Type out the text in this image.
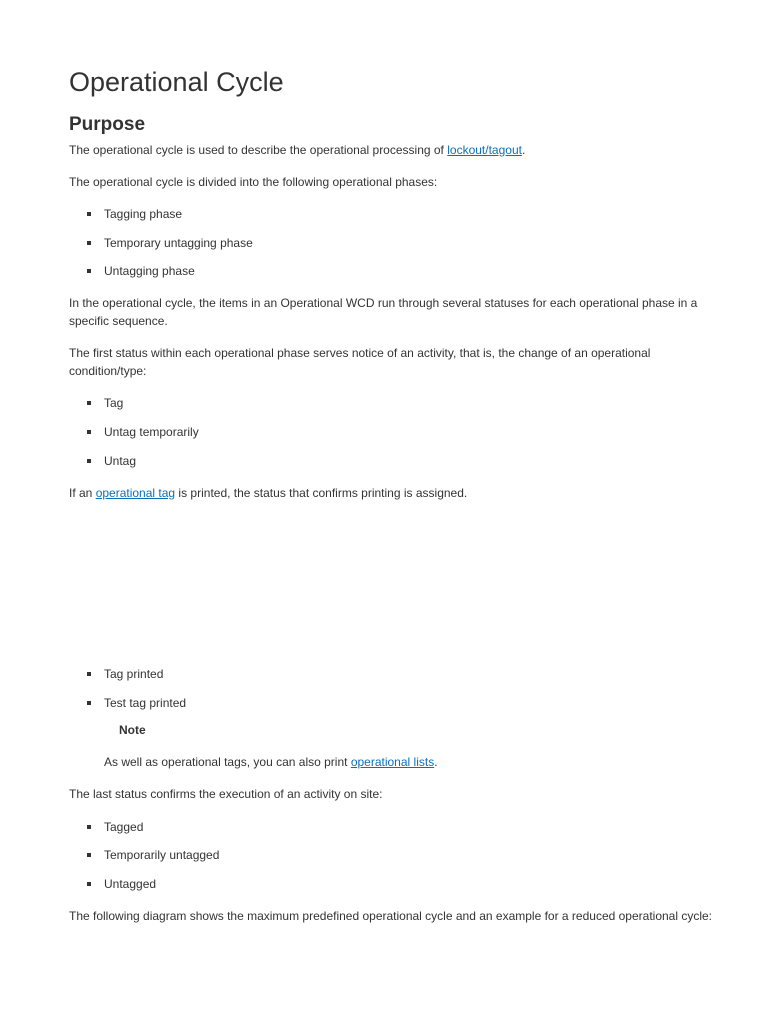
Operational Cycle
Purpose
The operational cycle is used to describe the operational processing of lockout/tagout.
The operational cycle is divided into the following operational phases:
Tagging phase
Temporary untagging phase
Untagging phase
In the operational cycle, the items in an Operational WCD run through several statuses for each operational phase in a specific sequence.
The first status within each operational phase serves notice of an activity, that is, the change of an operational condition/type:
Tag
Untag temporarily
Untag
If an operational tag is printed, the status that confirms printing is assigned.
Tag printed
Test tag printed
Note
As well as operational tags, you can also print operational lists.
The last status confirms the execution of an activity on site:
Tagged
Temporarily untagged
Untagged
The following diagram shows the maximum predefined operational cycle and an example for a reduced operational cycle:
